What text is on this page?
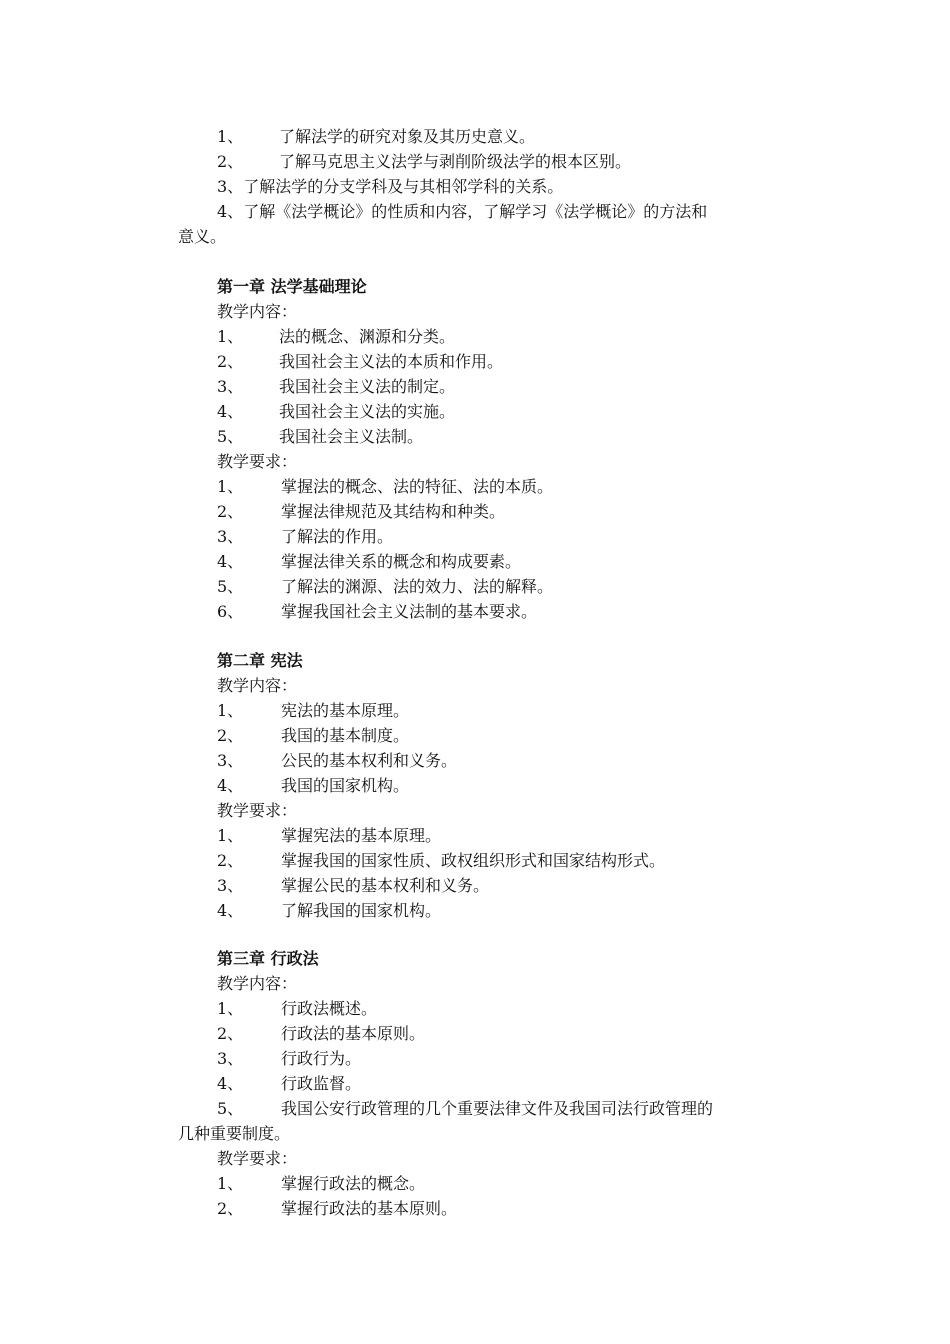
1、 了解法学的研究对象及其历史意义。
2、 了解马克思主义法学与剥削阶级法学的根本区别。
3、了解法学的分支学科及与其相邻学科的关系。
4、了解《法学概论》的性质和内容，了解学习《法学概论》的方法和
意义。
第一章 法学基础理论
教学内容：
1、 法的概念、渊源和分类。
2、 我国社会主义法的本质和作用。
3、 我国社会主义法的制定。
4、 我国社会主义法的实施。
5、 我国社会主义法制。
教学要求：
1、 掌握法的概念、法的特征、法的本质。
2、 掌握法律规范及其结构和种类。
3、 了解法的作用。
4、 掌握法律关系的概念和构成要素。
5、 了解法的渊源、法的效力、法的解释。
6、 掌握我国社会主义法制的基本要求。
第二章 宪法
教学内容：
1、 宪法的基本原理。
2、 我国的基本制度。
3、 公民的基本权利和义务。
4、 我国的国家机构。
教学要求：
1、 掌握宪法的基本原理。
2、 掌握我国的国家性质、政权组织形式和国家结构形式。
3、 掌握公民的基本权利和义务。
4、 了解我国的国家机构。
第三章 行政法
教学内容：
1、 行政法概述。
2、 行政法的基本原则。
3、 行政行为。
4、 行政监督。
5、 我国公安行政管理的几个重要法律文件及我国司法行政管理的
几种重要制度。
教学要求：
1、 掌握行政法的概念。
2、 掌握行政法的基本原则。
